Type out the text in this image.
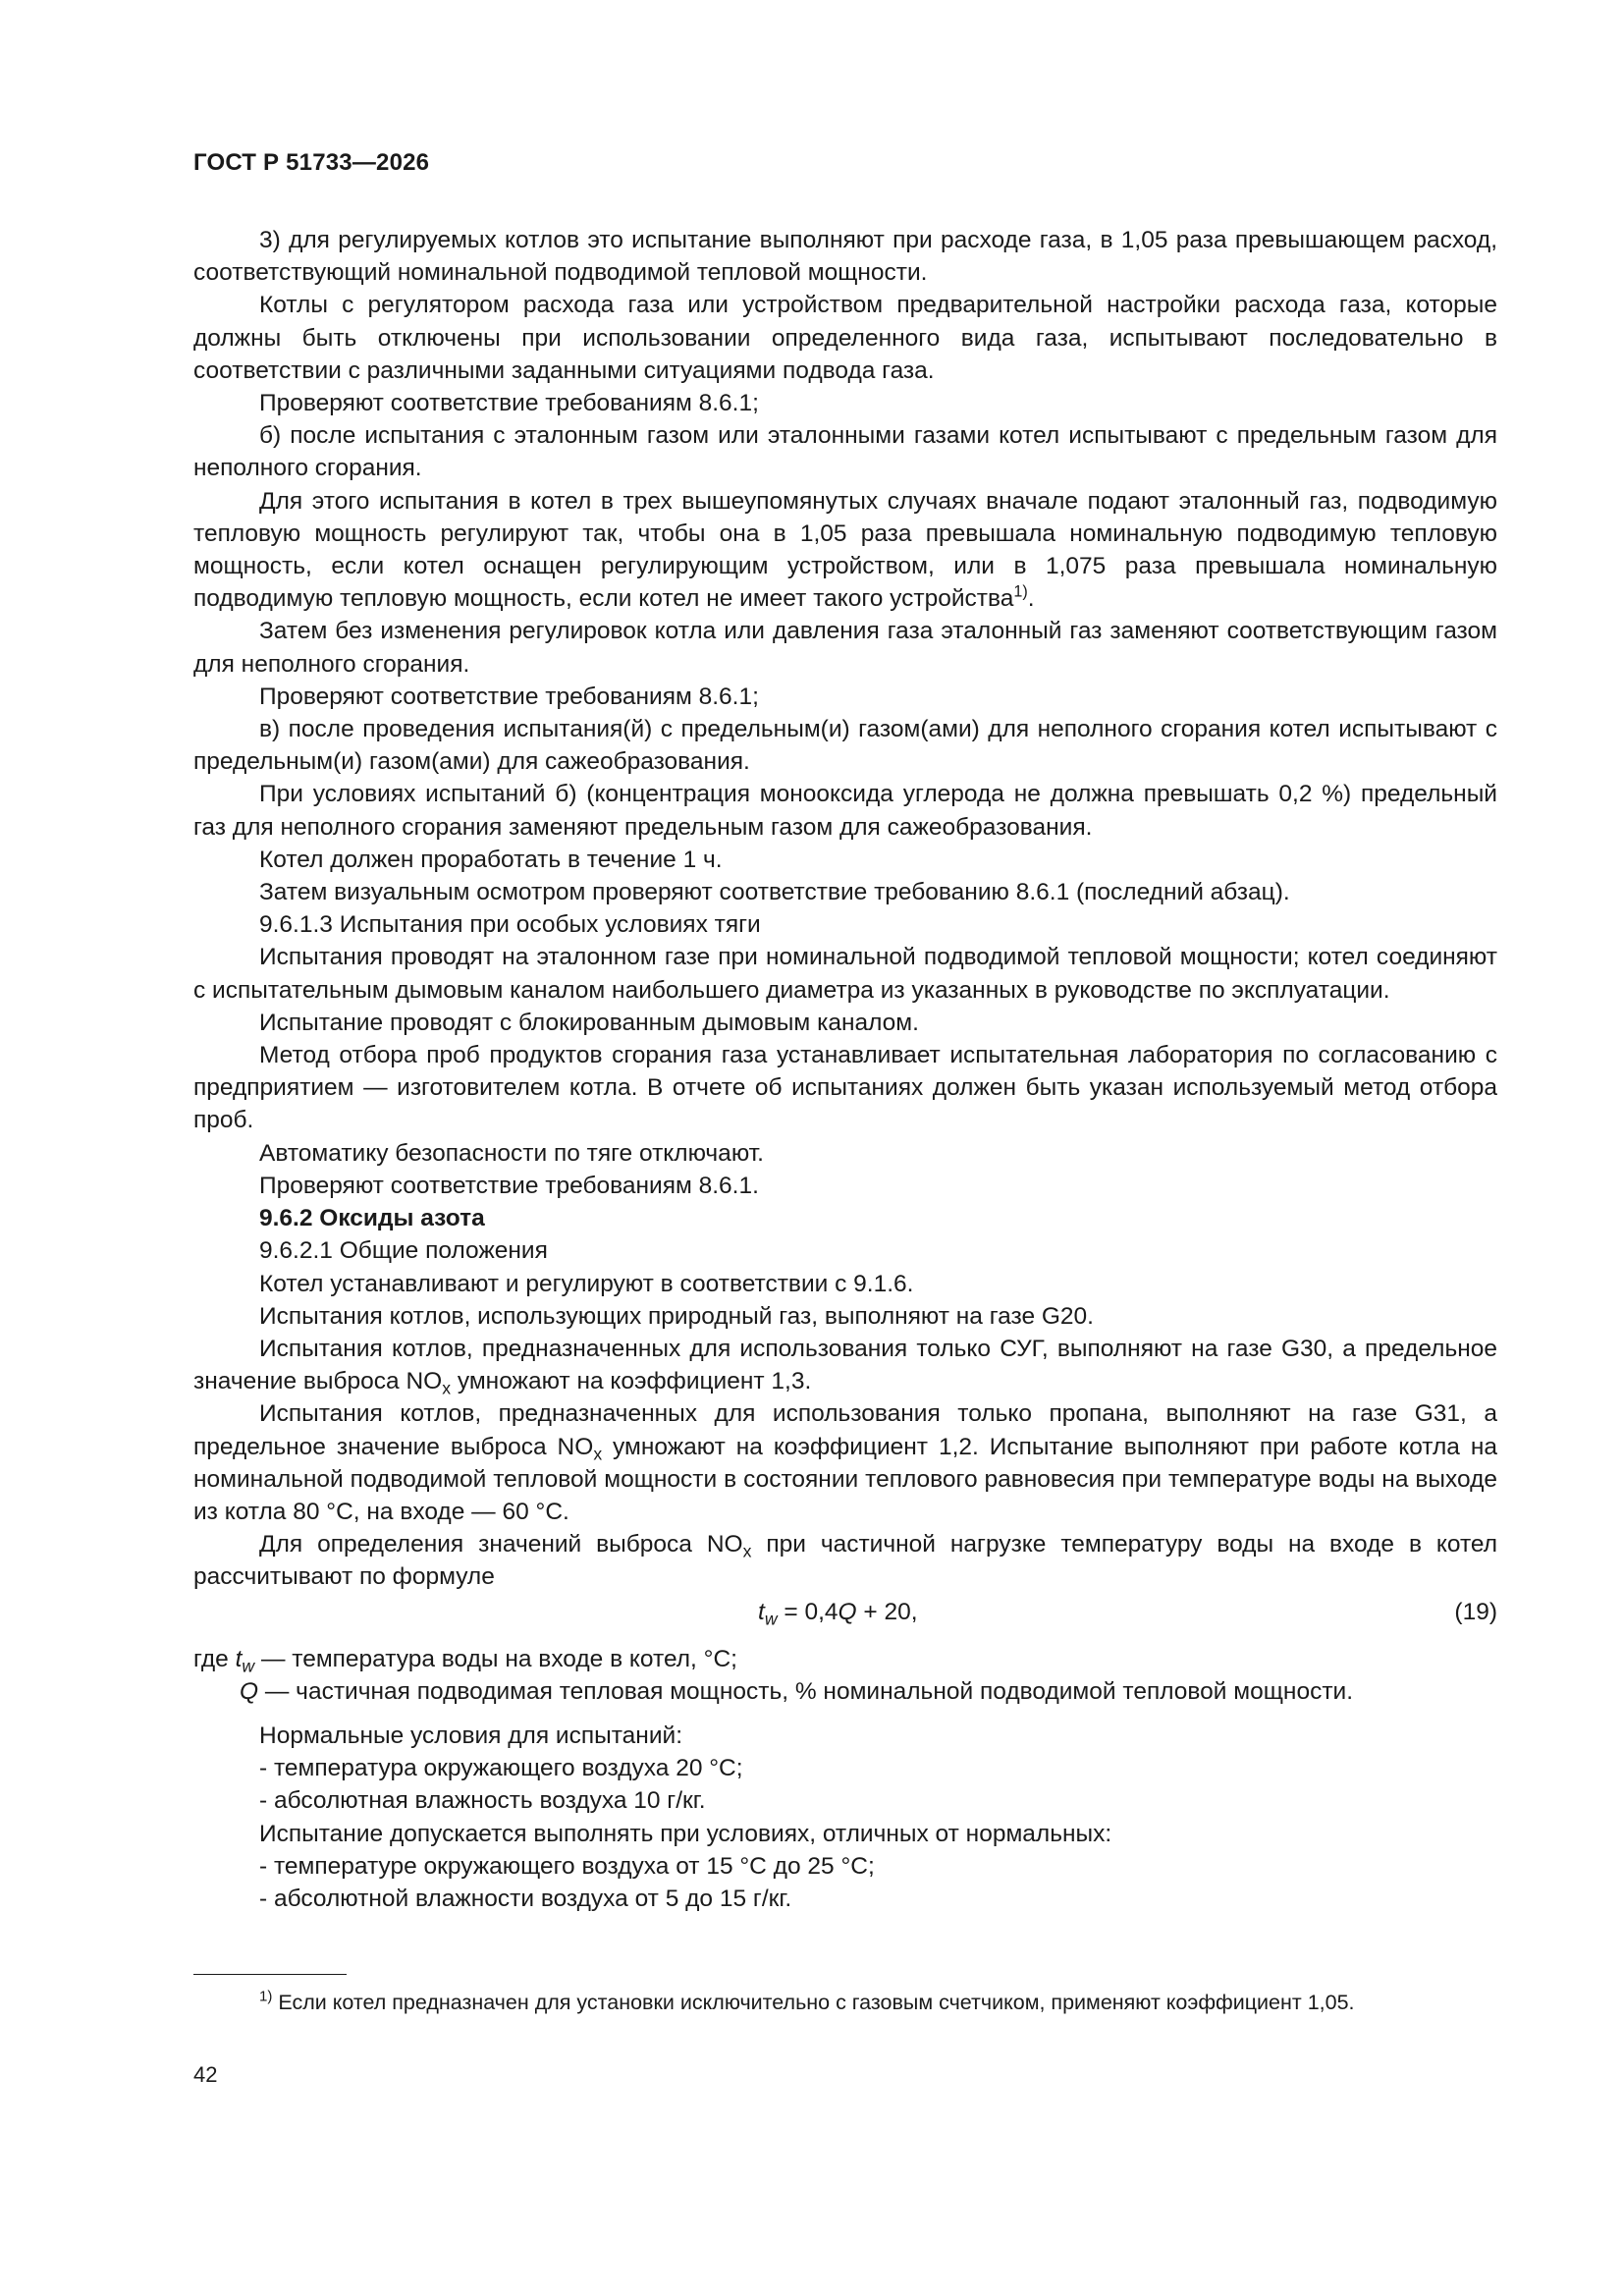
ГОСТ Р 51733—2026

3) для регулируемых котлов это испытание выполняют при расходе газа, в 1,05 раза превышающем расход, соответствующий номинальной подводимой тепловой мощности.

Котлы с регулятором расхода газа или устройством предварительной настройки расхода газа, которые должны быть отключены при использовании определенного вида газа, испытывают последовательно в соответствии с различными заданными ситуациями подвода газа.

Проверяют соответствие требованиям 8.6.1;

б) после испытания с эталонным газом или эталонными газами котел испытывают с предельным газом для неполного сгорания.

Для этого испытания в котел в трех вышеупомянутых случаях вначале подают эталонный газ, подводимую тепловую мощность регулируют так, чтобы она в 1,05 раза превышала номинальную подводимую тепловую мощность, если котел оснащен регулирующим устройством, или в 1,075 раза превышала номинальную подводимую тепловую мощность, если котел не имеет такого устройства$^{1)}$.

Затем без изменения регулировок котла или давления газа эталонный газ заменяют соответствующим газом для неполного сгорания.

Проверяют соответствие требованиям 8.6.1;

в) после проведения испытания(й) с предельным(и) газом(ами) для неполного сгорания котел испытывают с предельным(и) газом(ами) для сажеобразования.

При условиях испытаний б) (концентрация монооксида углерода не должна превышать 0,2 %) предельный газ для неполного сгорания заменяют предельным газом для сажеобразования.

Котел должен проработать в течение 1 ч.

Затем визуальным осмотром проверяют соответствие требованию 8.6.1 (последний абзац).

9.6.1.3 Испытания при особых условиях тяги

Испытания проводят на эталонном газе при номинальной подводимой тепловой мощности; котел соединяют с испытательным дымовым каналом наибольшего диаметра из указанных в руководстве по эксплуатации.

Испытание проводят с блокированным дымовым каналом.

Метод отбора проб продуктов сгорания газа устанавливает испытательная лаборатория по согласованию с предприятием — изготовителем котла. В отчете об испытаниях должен быть указан используемый метод отбора проб.

Автоматику безопасности по тяге отключают.

Проверяют соответствие требованиям 8.6.1.

9.6.2 Оксиды азота

9.6.2.1 Общие положения

Котел устанавливают и регулируют в соответствии с 9.1.6.

Испытания котлов, использующих природный газ, выполняют на газе G20.

Испытания котлов, предназначенных для использования только СУГ, выполняют на газе G30, а предельное значение выброса $NO_x$ умножают на коэффициент 1,3.

Испытания котлов, предназначенных для использования только пропана, выполняют на газе G31, а предельное значение выброса $NO_x$ умножают на коэффициент 1,2. Испытание выполняют при работе котла на номинальной подводимой тепловой мощности в состоянии теплового равновесия при температуре воды на выходе из котла 80 °С, на входе — 60 °С.

Для определения значений выброса $NO_x$ при частичной нагрузке температуру воды на входе в котел рассчитывают по формуле

$t_w = 0,4Q + 20$,	(19)
где $t_w$ — температура воды на входе в котел, °С;
Q — частичная подводимая тепловая мощность, % номинальной подводимой тепловой мощности.

Нормальные условия для испытаний:

- температура окружающего воздуха 20 °С;

- абсолютная влажность воздуха 10 г/кг.

Испытание допускается выполнять при условиях, отличных от нормальных:

- температуре окружающего воздуха от 15 °С до 25 °С;

- абсолютной влажности воздуха от 5 до 15 г/кг.

$^{1)}$ Если котел предназначен для установки исключительно с газовым счетчиком, применяют коэффициент 1,05.
42
